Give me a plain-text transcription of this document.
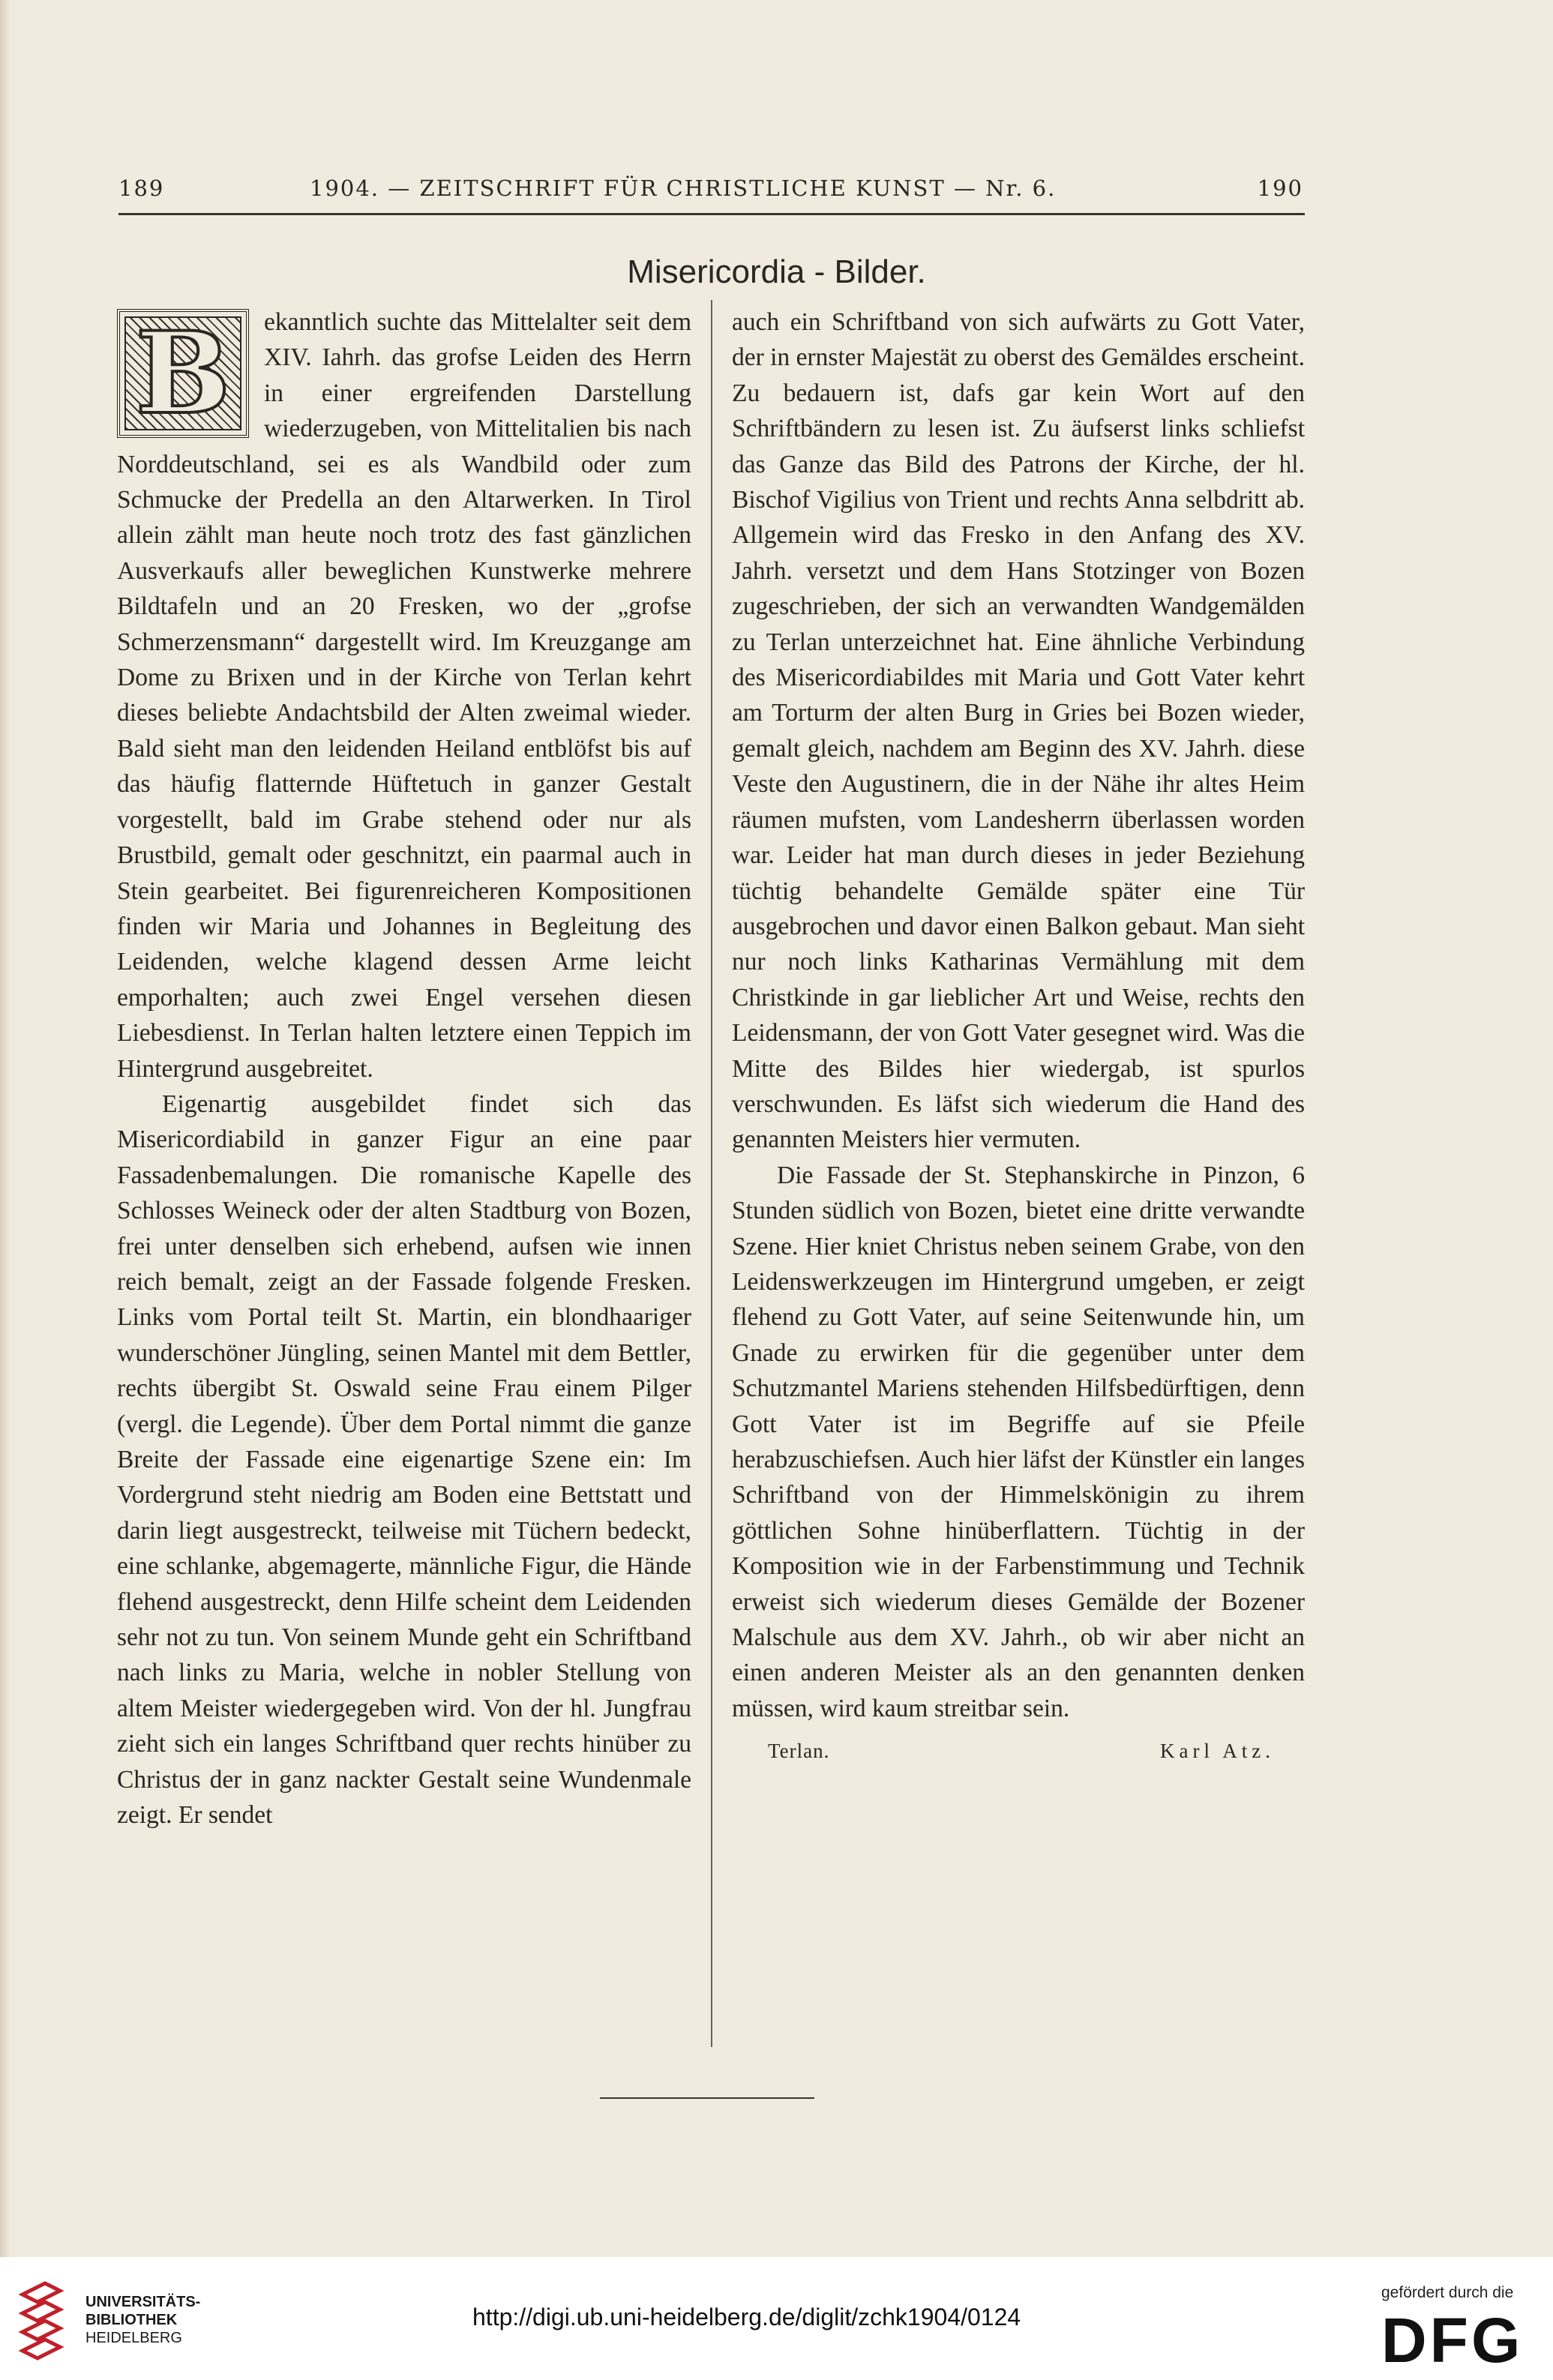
189	1904. — ZEITSCHRIFT FÜR CHRISTLICHE KUNST — Nr. 6.	190
Misericordia - Bilder.
B	ekanntlich suchte das Mittelalter seit dem XIV. Iahrh. das grofse Leiden des Herrn in einer ergreifenden Darstellung wiederzugeben, von Mittelitalien bis nach Norddeutschland, sei es als Wandbild oder zum Schmucke der Predella an den Altarwerken. In Tirol allein zählt man heute noch trotz des fast gänzlichen Ausverkaufs aller beweglichen Kunstwerke mehrere Bildtafeln und an 20 Fresken, wo der „grofse Schmerzensmann“ dargestellt wird. Im Kreuzgange am Dome zu Brixen und in der Kirche von Terlan kehrt dieses beliebte Andachtsbild der Alten zweimal wieder. Bald sieht man den leidenden Heiland entblöfst bis auf das häufig flatternde Hüftetuch in ganzer Gestalt vorgestellt, bald im Grabe stehend oder nur als Brustbild, gemalt oder geschnitzt, ein paarmal auch in Stein gearbeitet. Bei figurenreicheren Kompositionen finden wir Maria und Johannes in Begleitung des Leidenden, welche klagend dessen Arme leicht emporhalten; auch zwei Engel versehen diesen Liebesdienst. In Terlan halten letztere einen Teppich im Hintergrund ausgebreitet.

Eigenartig ausgebildet findet sich das Misericordiabild in ganzer Figur an eine paar Fassadenbemalungen. Die romanische Kapelle des Schlosses Weineck oder der alten Stadtburg von Bozen, frei unter denselben sich erhebend, aufsen wie innen reich bemalt, zeigt an der Fassade folgende Fresken. Links vom Portal teilt St. Martin, ein blondhaariger wunderschöner Jüngling, seinen Mantel mit dem Bettler, rechts übergibt St. Oswald seine Frau einem Pilger (vergl. die Legende). Über dem Portal nimmt die ganze Breite der Fassade eine eigenartige Szene ein: Im Vordergrund steht niedrig am Boden eine Bettstatt und darin liegt ausgestreckt, teilweise mit Tüchern bedeckt, eine schlanke, abgemagerte, männliche Figur, die Hände flehend ausgestreckt, denn Hilfe scheint dem Leidenden sehr not zu tun. Von seinem Munde geht ein Schriftband nach links zu Maria, welche in nobler Stellung von altem Meister wiedergegeben wird. Von der hl. Jungfrau zieht sich ein langes Schriftband quer rechts hinüber zu Christus der in ganz nackter Gestalt seine Wundenmale zeigt. Er sendet

auch ein Schriftband von sich aufwärts zu Gott Vater, der in ernster Majestät zu oberst des Gemäldes erscheint. Zu bedauern ist, dafs gar kein Wort auf den Schriftbändern zu lesen ist. Zu äufserst links schliefst das Ganze das Bild des Patrons der Kirche, der hl. Bischof Vigilius von Trient und rechts Anna selbdritt ab. Allgemein wird das Fresko in den Anfang des XV. Jahrh. versetzt und dem Hans Stotzinger von Bozen zugeschrieben, der sich an verwandten Wandgemälden zu Terlan unterzeichnet hat. Eine ähnliche Verbindung des Misericordiabildes mit Maria und Gott Vater kehrt am Torturm der alten Burg in Gries bei Bozen wieder, gemalt gleich, nachdem am Beginn des XV. Jahrh. diese Veste den Augustinern, die in der Nähe ihr altes Heim räumen mufsten, vom Landesherrn überlassen worden war. Leider hat man durch dieses in jeder Beziehung tüchtig behandelte Gemälde später eine Tür ausgebrochen und davor einen Balkon gebaut. Man sieht nur noch links Katharinas Vermählung mit dem Christkinde in gar lieblicher Art und Weise, rechts den Leidensmann, der von Gott Vater gesegnet wird. Was die Mitte des Bildes hier wiedergab, ist spurlos verschwunden. Es läfst sich wiederum die Hand des genannten Meisters hier vermuten.

Die Fassade der St. Stephanskirche in Pinzon, 6 Stunden südlich von Bozen, bietet eine dritte verwandte Szene. Hier kniet Christus neben seinem Grabe, von den Leidenswerkzeugen im Hintergrund umgeben, er zeigt flehend zu Gott Vater, auf seine Seitenwunde hin, um Gnade zu erwirken für die gegenüber unter dem Schutzmantel Mariens stehenden Hilfsbedürftigen, denn Gott Vater ist im Begriffe auf sie Pfeile herabzuschiefsen. Auch hier läfst der Künstler ein langes Schriftband von der Himmelskönigin zu ihrem göttlichen Sohne hinüberflattern. Tüchtig in der Komposition wie in der Farbenstimmung und Technik erweist sich wiederum dieses Gemälde der Bozener Malschule aus dem XV. Jahrh., ob wir aber nicht an einen anderen Meister als an den genannten denken müssen, wird kaum streitbar sein.

Terlan.	Karl Atz.
UNIVERSITÄTS-
BIBLIOTHEK
HEIDELBERG
http://digi.ub.uni-heidelberg.de/diglit/zchk1904/0124
gefördert durch die
DFG
